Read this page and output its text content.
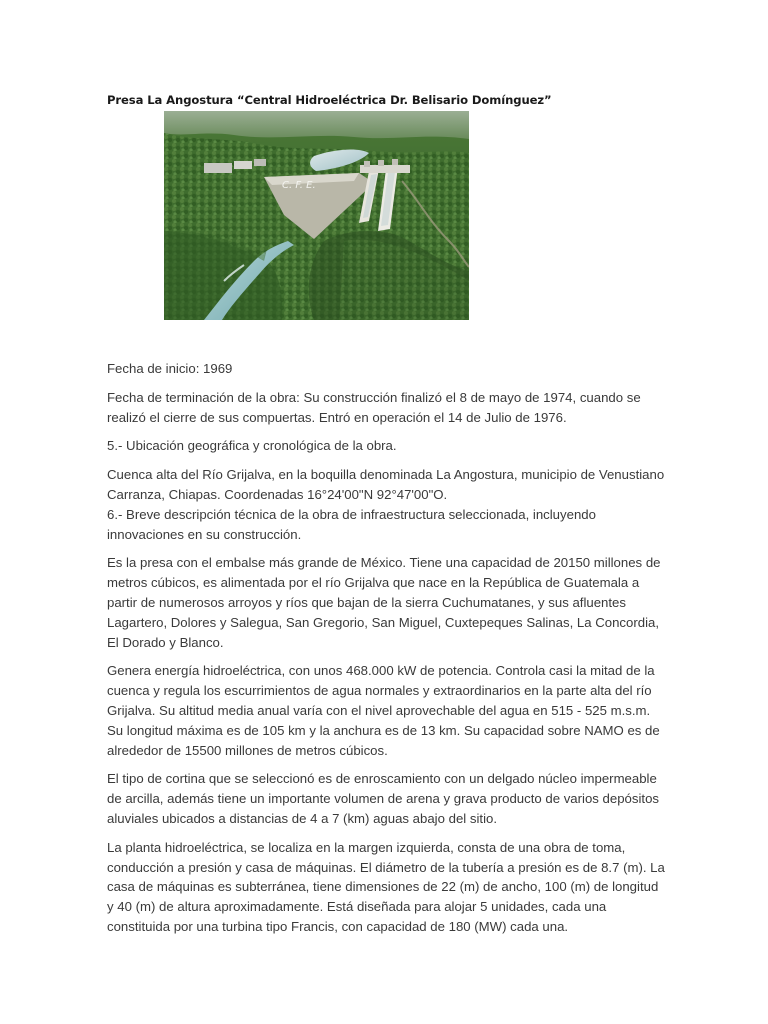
Presa La Angostura “Central Hidroeléctrica Dr. Belisario Domínguez”
C. F. E.

Fecha de inicio: 1969

Fecha de terminación de la obra: Su construcción finalizó el 8 de mayo de 1974, cuando se realizó el cierre de sus compuertas. Entró en operación el 14 de Julio de 1976.

5.- Ubicación geográfica y cronológica de la obra.

Cuenca alta del Río Grijalva, en la boquilla denominada La Angostura, municipio de Venustiano Carranza, Chiapas. Coordenadas 16°24'00"N 92°47'00"O.

6.- Breve descripción técnica de la obra de infraestructura seleccionada, incluyendo innovaciones en su construcción.

Es la presa con el embalse más grande de México. Tiene una capacidad de 20150 millones de metros cúbicos, es alimentada por el río Grijalva que nace en la República de Guatemala a partir de numerosos arroyos y ríos que bajan de la sierra Cuchumatanes, y sus afluentes Lagartero, Dolores y Salegua, San Gregorio, San Miguel, Cuxtepeques Salinas, La Concordia, El Dorado y Blanco.

Genera energía hidroeléctrica, con unos 468.000 kW de potencia. Controla casi la mitad de la cuenca y regula los escurrimientos de agua normales y extraordinarios en la parte alta del río Grijalva. Su altitud media anual varía con el nivel aprovechable del agua en 515 - 525 m.s.m. Su longitud máxima es de 105 km y la anchura es de 13 km. Su capacidad sobre NAMO es de alrededor de 15500 millones de metros cúbicos.

El tipo de cortina que se seleccionó es de enroscamiento con un delgado núcleo impermeable de arcilla, además tiene un importante volumen de arena y grava producto de varios depósitos aluviales ubicados a distancias de 4 a 7 (km) aguas abajo del sitio.

La planta hidroeléctrica, se localiza en la margen izquierda, consta de una obra de toma, conducción a presión y casa de máquinas. El diámetro de la tubería a presión es de 8.7 (m). La casa de máquinas es subterránea, tiene dimensiones de 22 (m) de ancho, 100 (m) de longitud y 40 (m) de altura aproximadamente. Está diseñada para alojar 5 unidades, cada una constituida por una turbina tipo Francis, con capacidad de 180 (MW) cada una.
